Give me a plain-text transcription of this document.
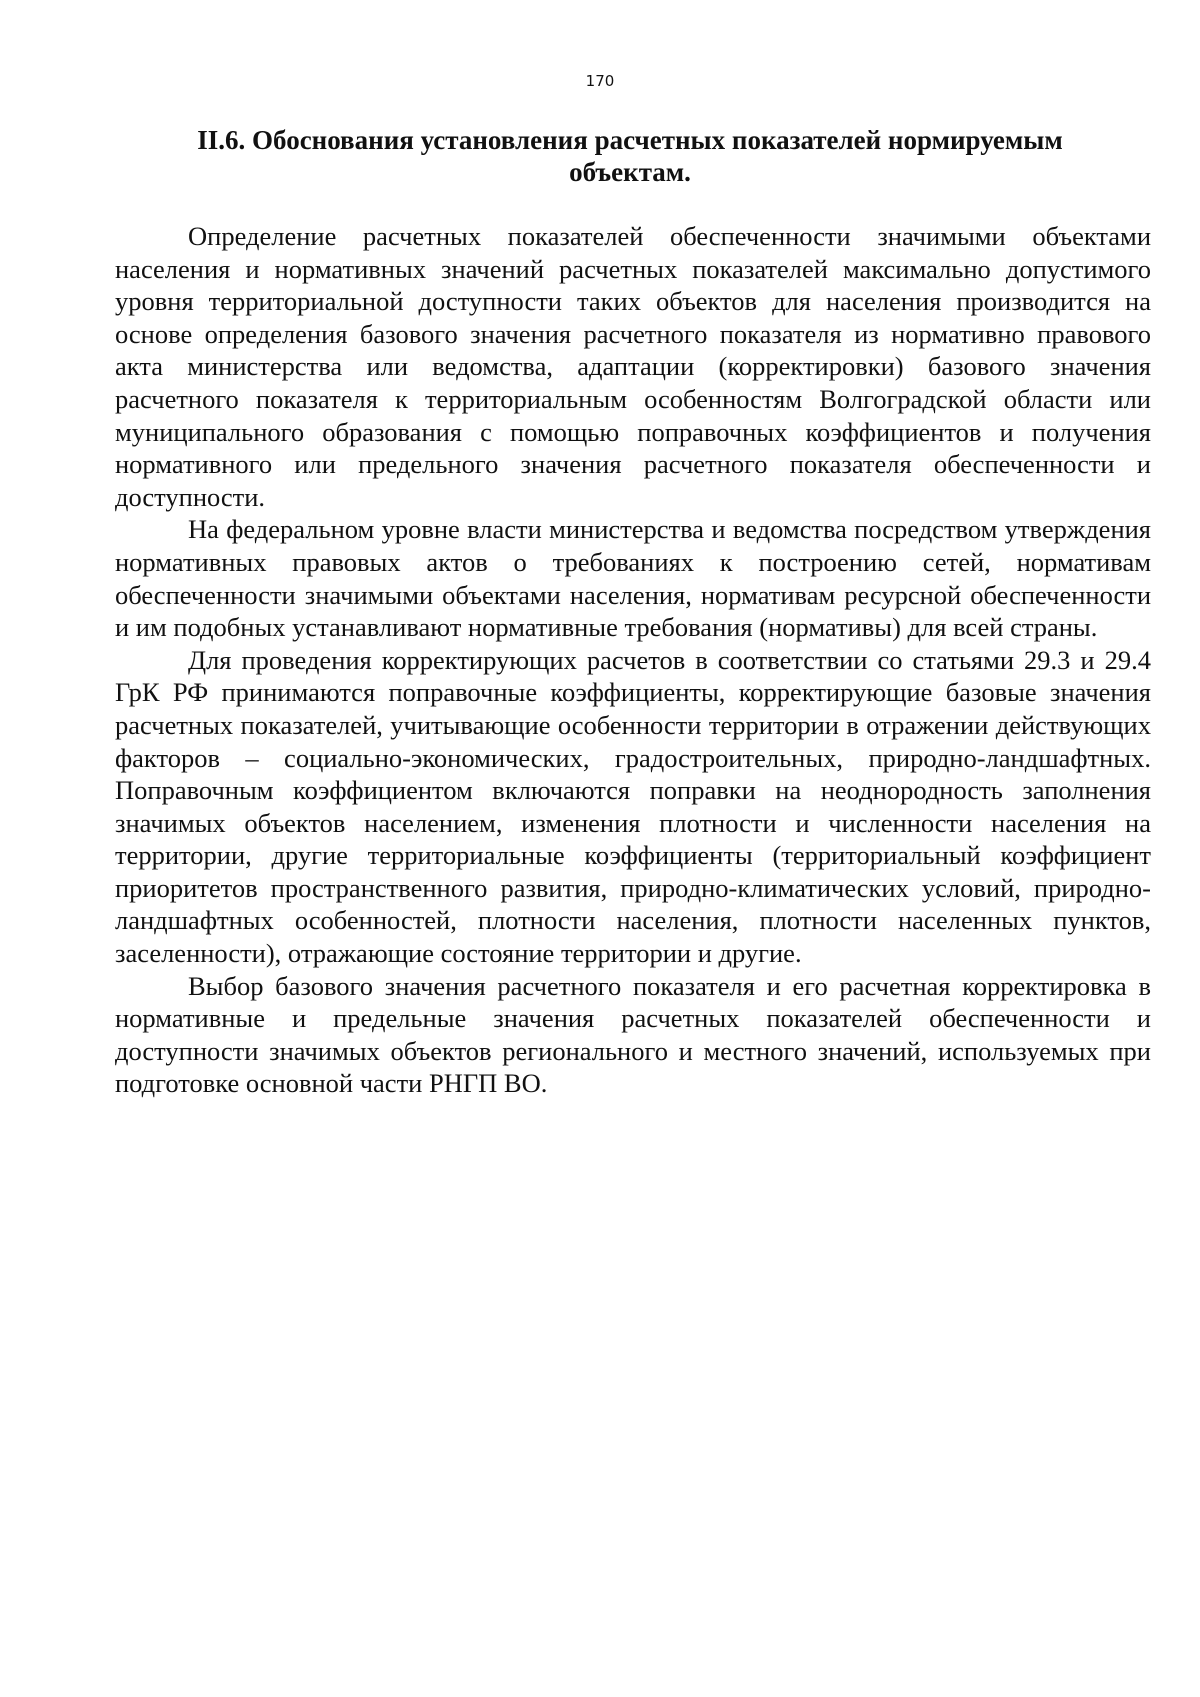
170
II.6. Обоснования установления расчетных показателей нормируемым объектам.

Определение расчетных показателей обеспеченности значимыми объектами населения и нормативных значений расчетных показателей максимально допустимого уровня территориальной доступности таких объектов для населения производится на основе определения базового значения расчетного показателя из нормативно правового акта министерства или ведомства, адаптации (корректировки) базового значения расчетного показателя к территориальным особенностям Волгоградской области или муниципального образования с помощью поправочных коэффициентов и получения нормативного или предельного значения расчетного показателя обеспеченности и доступности.

На федеральном уровне власти министерства и ведомства посредством утверждения нормативных правовых актов о требованиях к построению сетей, нормативам обеспеченности значимыми объектами населения, нормативам ресурсной обеспеченности и им подобных устанавливают нормативные требования (нормативы) для всей страны.

Для проведения корректирующих расчетов в соответствии со статьями 29.3 и 29.4 ГрК РФ принимаются поправочные коэффициенты, корректирующие базовые значения расчетных показателей, учитывающие особенности территории в отражении действующих факторов – социально-экономических, градостроительных, природно-ландшафтных. Поправочным коэффициентом включаются поправки на неоднородность заполнения значимых объектов населением, изменения плотности и численности населения на территории, другие территориальные коэффициенты (территориальный коэффициент приоритетов пространственного развития, природно-климатических условий, природно-ландшафтных особенностей, плотности населения, плотности населенных пунктов, заселенности), отражающие состояние территории и другие.

Выбор базового значения расчетного показателя и его расчетная корректировка в нормативные и предельные значения расчетных показателей обеспеченности и доступности значимых объектов регионального и местного значений, используемых при подготовке основной части РНГП ВО.
